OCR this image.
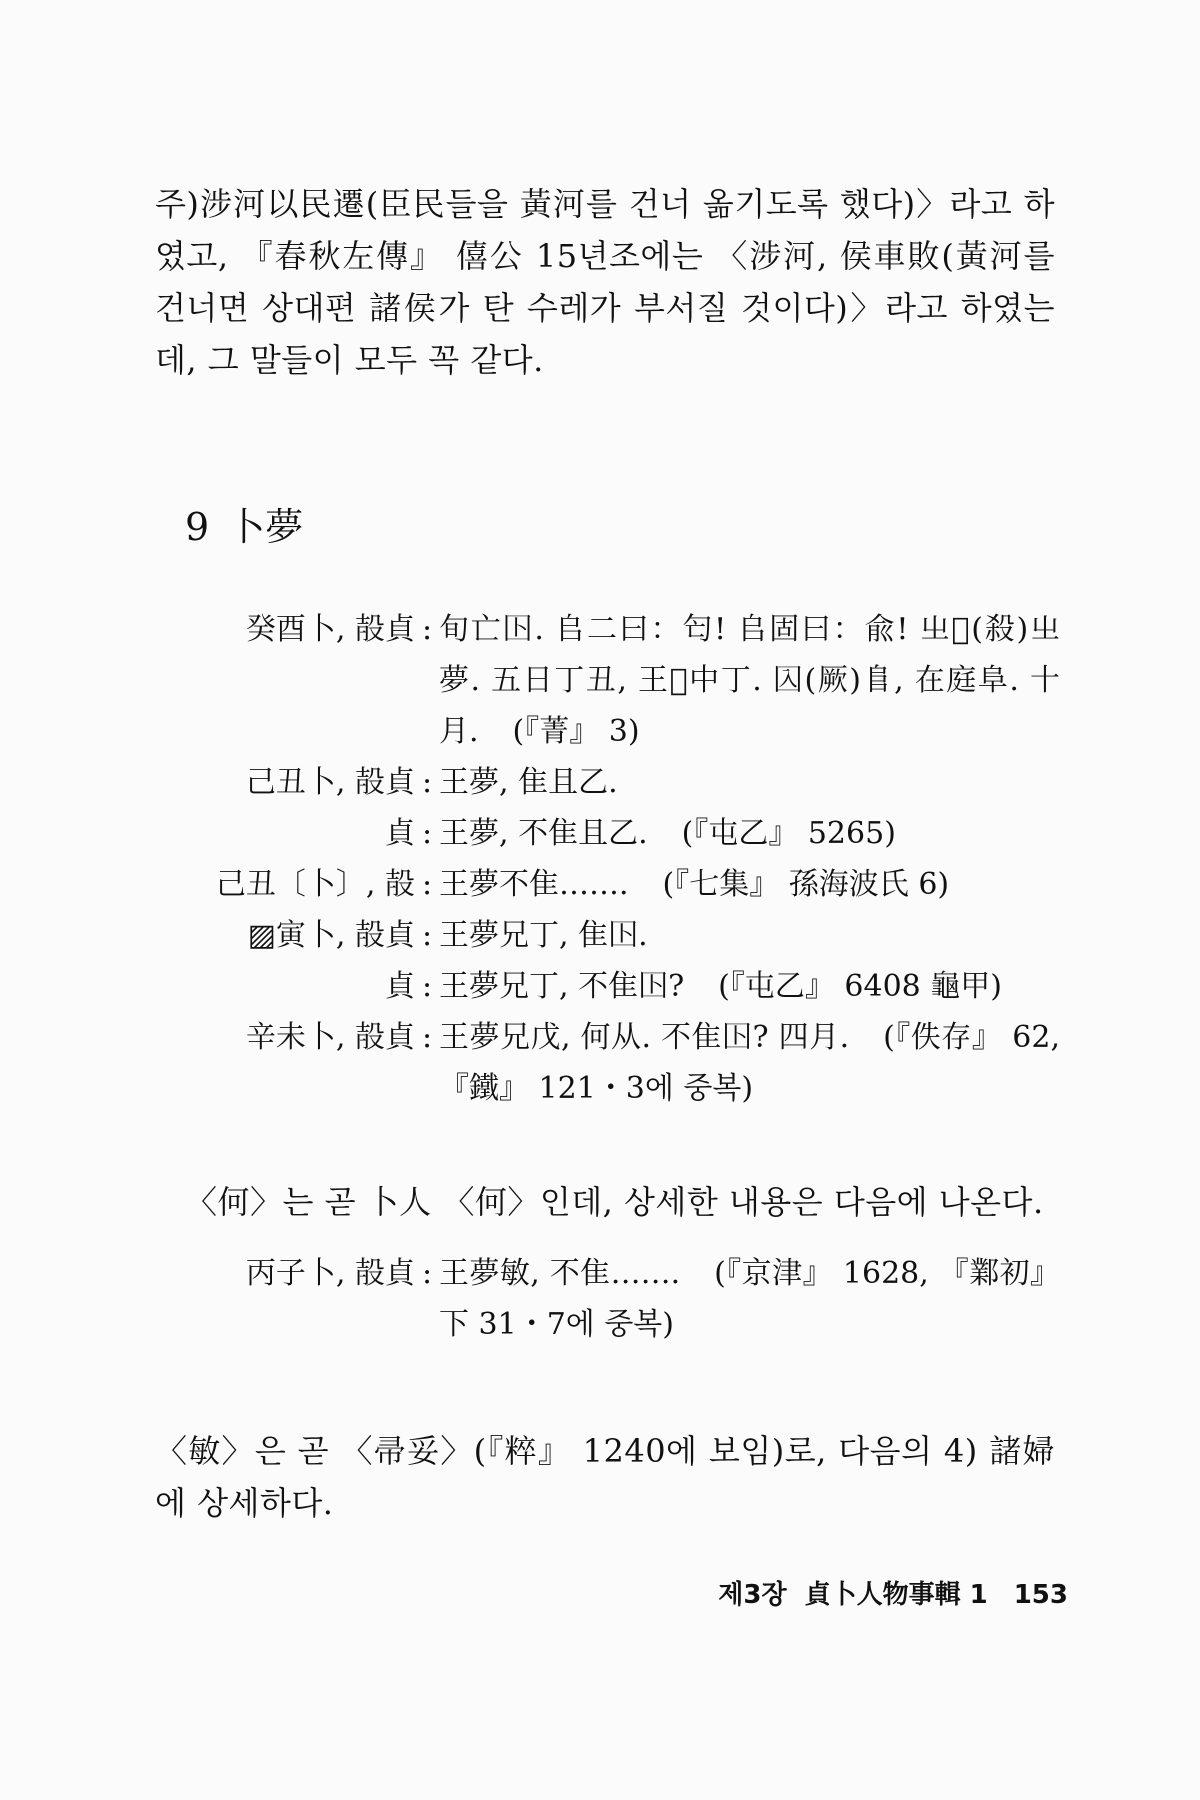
주)涉河以民遷(臣民들을 黃河를 건너 옮기도록 했다)〉라고 하였고, 『春秋左傳』 僖公 15년조에는 〈涉河, 侯車敗(黃河를 건너면 상대편 諸侯가 탄 수레가 부서질 것이다)〉라고 하였는데, 그 말들이 모두 꼭 같다.

9 卜夢
癸酉卜, 㱿貞 : 旬亡𡆥. 𠂤二曰：匄! 𠂤固曰：兪! 㞢𡧊(殺)㞢夢. 五日丁丑, 王𡧊中丁. 𡆣(厥)𨸏, 在庭阜. 十月. (『菁』 3)
己丑卜, 㱿貞 : 王夢, 隹且乙.
貞 : 王夢, 不隹且乙. (『屯乙』 5265)
己丑〔卜〕, 㱿 : 王夢不隹……. (『七集』 孫海波氏 6)
▨寅卜, 㱿貞 : 王夢兄丁, 隹𡆥.
貞 : 王夢兄丁, 不隹𡆥? (『屯乙』 6408 龜甲)
辛未卜, 㱿貞 : 王夢兄戊, 何从. 不隹𡆥? 四月. (『佚存』 62, 『鐵』 121・3에 중복)

〈何〉는 곧 卜人 〈何〉인데, 상세한 내용은 다음에 나온다.

丙子卜, 㱿貞 : 王夢敏, 不隹……. (『京津』 1628, 『鄴初』 下 31・7에 중복)

〈敏〉은 곧 〈帚妥〉(『粹』 1240에 보임)로, 다음의 4) 諸婦에 상세하다.

제3장 貞卜人物事輯 1 153
